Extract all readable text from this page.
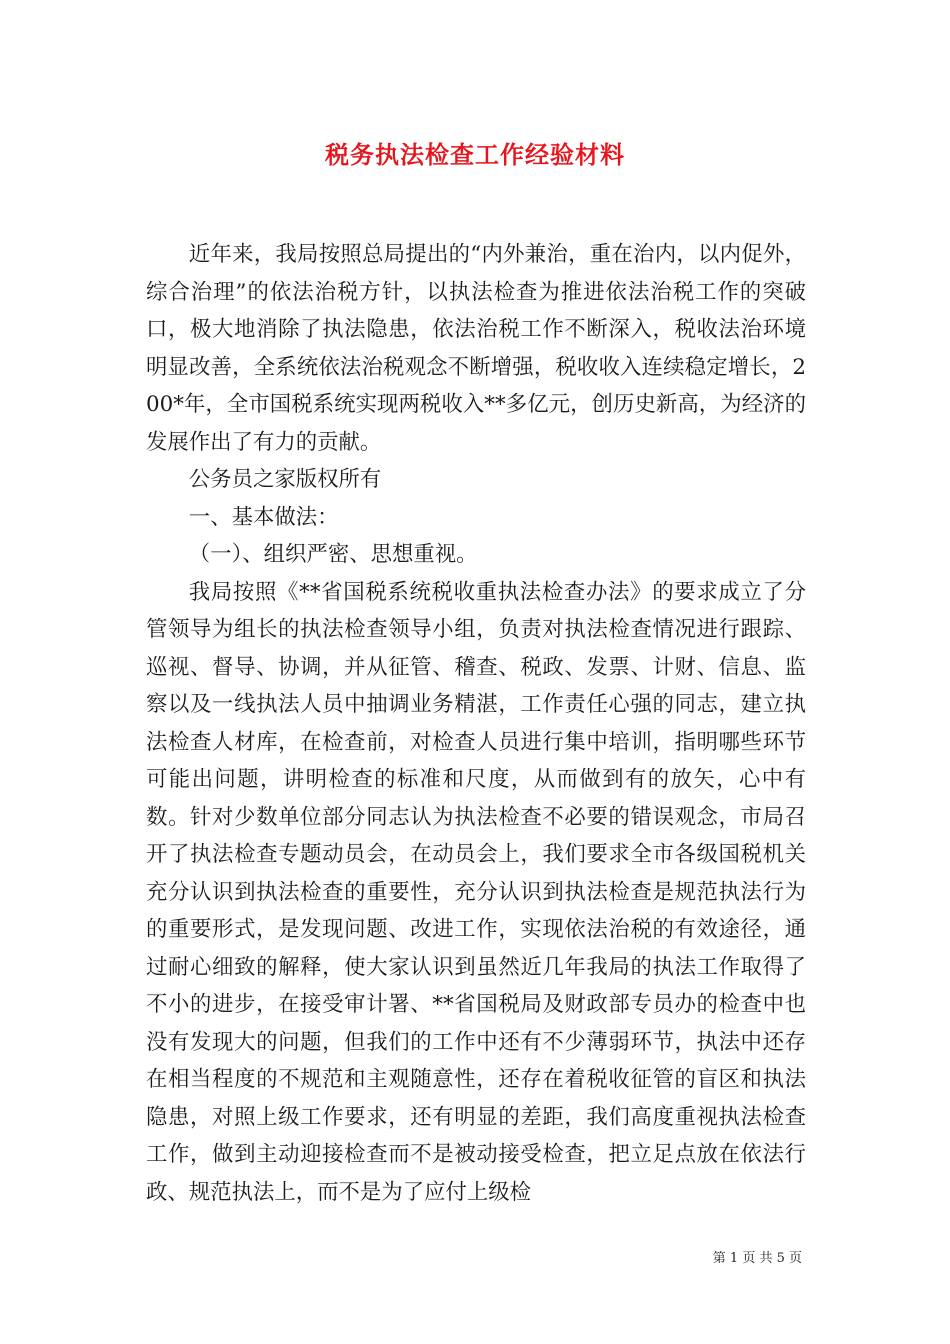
税务执法检查工作经验材料

近年来，我局按照总局提出的“内外兼治，重在治内，以内促外，综合治理”的依法治税方针，以执法检查为推进依法治税工作的突破口，极大地消除了执法隐患，依法治税工作不断深入，税收法治环境明显改善，全系统依法治税观念不断增强，税收收入连续稳定增长，200*年，全市国税系统实现两税收入**多亿元，创历史新高，为经济的发展作出了有力的贡献。

公务员之家版权所有

一、基本做法：

（一）、组织严密、思想重视。

我局按照《**省国税系统税收重执法检查办法》的要求成立了分管领导为组长的执法检查领导小组，负责对执法检查情况进行跟踪、巡视、督导、协调，并从征管、稽查、税政、发票、计财、信息、监察以及一线执法人员中抽调业务精湛，工作责任心强的同志，建立执法检查人材库，在检查前，对检查人员进行集中培训，指明哪些环节可能出问题，讲明检查的标准和尺度，从而做到有的放矢，心中有数。针对少数单位部分同志认为执法检查不必要的错误观念，市局召开了执法检查专题动员会，在动员会上，我们要求全市各级国税机关充分认识到执法检查的重要性，充分认识到执法检查是规范执法行为的重要形式，是发现问题、改进工作，实现依法治税的有效途径，通过耐心细致的解释，使大家认识到虽然近几年我局的执法工作取得了不小的进步，在接受审计署、**省国税局及财政部专员办的检查中也没有发现大的问题，但我们的工作中还有不少薄弱环节，执法中还存在相当程度的不规范和主观随意性，还存在着税收征管的盲区和执法隐患，对照上级工作要求，还有明显的差距，我们高度重视执法检查工作，做到主动迎接检查而不是被动接受检查，把立足点放在依法行政、规范执法上，而不是为了应付上级检

第 1 页 共 5 页
